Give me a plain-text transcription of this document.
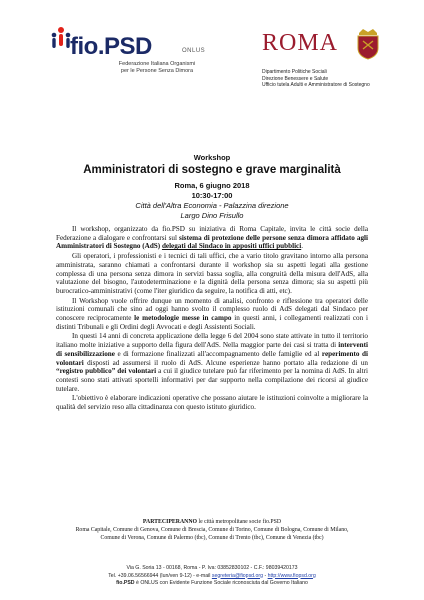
fio.PSD	ONLUS
Federazione Italiana Organismi
per le Persone Senza Dimora
ROMA
Dipartimento Politiche Sociali
Direzione Benessere e Salute
Ufficio tutela Adulti e Amministratore di Sostegno
Workshop
Amministratori di sostegno e grave marginalità
Roma, 6 giugno 2018
10:30-17:00
Città dell'Altra Economia - Palazzina direzione
Largo Dino Frisullo

Il workshop, organizzato da fio.PSD su iniziativa di Roma Capitale, invita le città socie della Federazione a dialogare e confrontarsi sul sistema di protezione delle persone senza dimora affidato agli Amministratori di Sostegno (AdS) delegati dal Sindaco in appositi uffici pubblici.

Gli operatori, i professionisti e i tecnici di tali uffici, che a vario titolo gravitano intorno alla persona amministrata, saranno chiamati a confrontarsi durante il workshop sia su aspetti legati alla gestione complessa di una persona senza dimora in servizi bassa soglia, alla congruità della misura dell'AdS, alla valutazione del bisogno, l'autodeterminazione e la dignità della persona senza dimora; sia su aspetti più burocratico-amministrativi (come l'iter giuridico da seguire, la notifica di atti, etc).

Il Workshop vuole offrire dunque un momento di analisi, confronto e riflessione tra operatori delle istituzioni comunali che sino ad oggi hanno svolto il complesso ruolo di AdS delegati dal Sindaco per conoscere reciprocamente le metodologie messe in campo in questi anni, i collegamenti realizzati con i distinti Tribunali e gli Ordini degli Avvocati e degli Assistenti Sociali.

In questi 14 anni di concreta applicazione della legge 6 del 2004 sono state attivate in tutto il territorio italiano molte iniziative a supporto della figura dell'AdS. Nella maggior parte dei casi si tratta di interventi di sensibilizzazione e di formazione finalizzati all'accompagnamento delle famiglie ed al reperimento di volontari disposti ad assumersi il ruolo di AdS. Alcune esperienze hanno portato alla redazione di un “registro pubblico” dei volontari a cui il giudice tutelare può far riferimento per la nomina di AdS. In altri contesti sono stati attivati sportelli informativi per dar supporto nella compilazione dei ricorsi al giudice tutelare.

L'obiettivo è elaborare indicazioni operative che possano aiutare le istituzioni coinvolte a migliorare la qualità del servizio reso alla cittadinanza con questo istituto giuridico.

PARTECIPERANNO le città metropolitane socie fio.PSD
Roma Capitale, Comune di Genova, Comune di Brescia, Comune di Torino, Comune di Bologna, Comune di Milano,
Comune di Verona, Comune di Palermo (tbc), Comune di Trento (tbc), Comune di Venezia (tbc)
Via G. Soria 13 - 00168, Roma - P. Iva: 03852830102 - C.F.: 98039420173
Tel. +39.06.56566944 (lun/ven 9-12) - e-mail segreteria@fiopsd.org - http://www.fiopsd.org
fio.PSD è ONLUS con Evidente Funzione Sociale riconosciuta dal Governo Italiano
